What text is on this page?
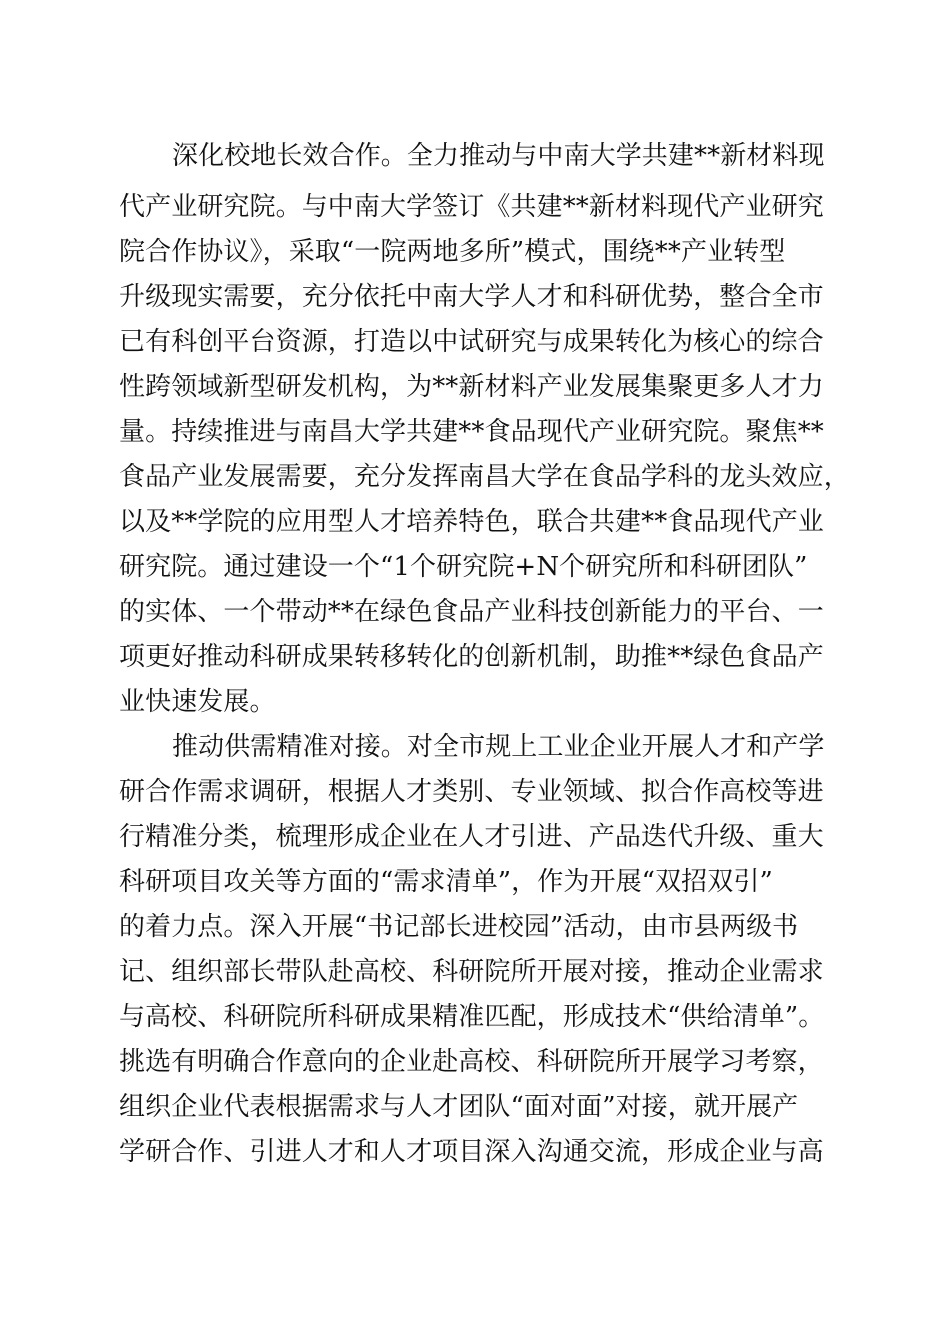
深化校地长效合作。全力推动与中南大学共建**新材料现
代产业研究院。与中南大学签订《共建**新材料现代产业研究
院合作协议》，采取“一院两地多所”模式，围绕**产业转型
升级现实需要，充分依托中南大学人才和科研优势，整合全市
已有科创平台资源，打造以中试研究与成果转化为核心的综合
性跨领域新型研发机构，为**新材料产业发展集聚更多人才力
量。持续推进与南昌大学共建**食品现代产业研究院。聚焦**
食品产业发展需要，充分发挥南昌大学在食品学科的龙头效应，
以及**学院的应用型人才培养特色，联合共建**食品现代产业
研究院。通过建设一个“1个研究院+N个研究所和科研团队”
的实体、一个带动**在绿色食品产业科技创新能力的平台、一
项更好推动科研成果转移转化的创新机制，助推**绿色食品产
业快速发展。
推动供需精准对接。对全市规上工业企业开展人才和产学
研合作需求调研，根据人才类别、专业领域、拟合作高校等进
行精准分类，梳理形成企业在人才引进、产品迭代升级、重大
科研项目攻关等方面的“需求清单”，作为开展“双招双引”
的着力点。深入开展“书记部长进校园”活动，由市县两级书
记、组织部长带队赴高校、科研院所开展对接，推动企业需求
与高校、科研院所科研成果精准匹配，形成技术“供给清单”。
挑选有明确合作意向的企业赴高校、科研院所开展学习考察，
组织企业代表根据需求与人才团队“面对面”对接，就开展产
学研合作、引进人才和人才项目深入沟通交流，形成企业与高
